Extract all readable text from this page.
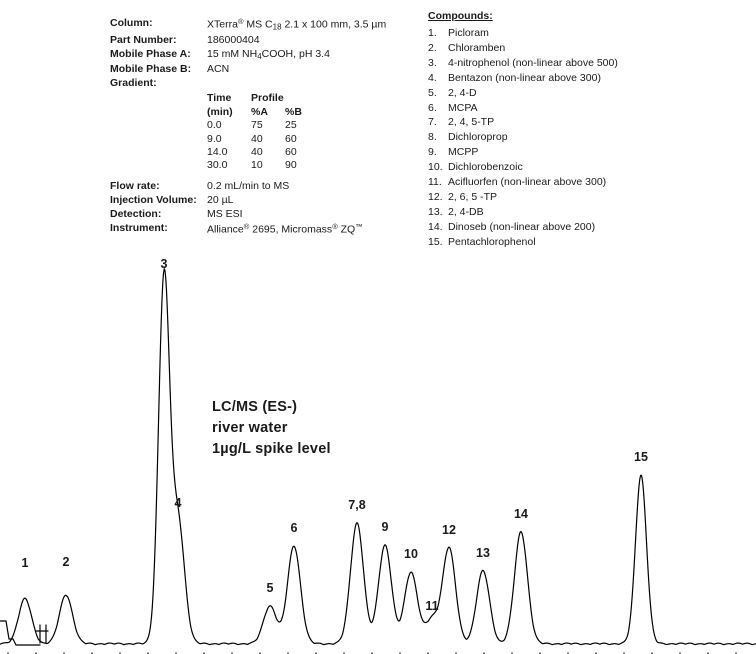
Column:	XTerra® MS $C_{18}$ 2.1 x 100 mm, 3.5 µm
Part Number:	186000404
Mobile Phase A:	15 mM $NH_4COOH$, pH 3.4
Mobile Phase B:	ACN
Gradient:
Time	Profile
(min)	%A	%B
0.0	75	25
9.0	40	60
14.0	40	60
30.0	10	90
Flow rate:	0.2 mL/min to MS
Injection Volume: 20 µL
Detection:	MS ESI
Instrument:	Alliance® 2695, Micromass® ZQ™
Compounds:
1.	Picloram
2.	Chloramben
3.	4-nitrophenol (non-linear above 500)
4.	Bentazon (non-linear above 300)
5.	2, 4-D
6.	MCPA
7.	2, 4, 5-TP
8.	Dichloroprop
9.	MCPP
10. Dichlorobenzoic
11. Acifluorfen (non-linear above 300)
12. 2, 6, 5 -TP
13. 2, 4-DB
14. Dinoseb (non-linear above 200)
15. Pentachlorophenol
LC/MS (ES-)
river water
1µg/L spike level
1	2
3
4
5
6
7,8
9
10
11
12
13
14
15
